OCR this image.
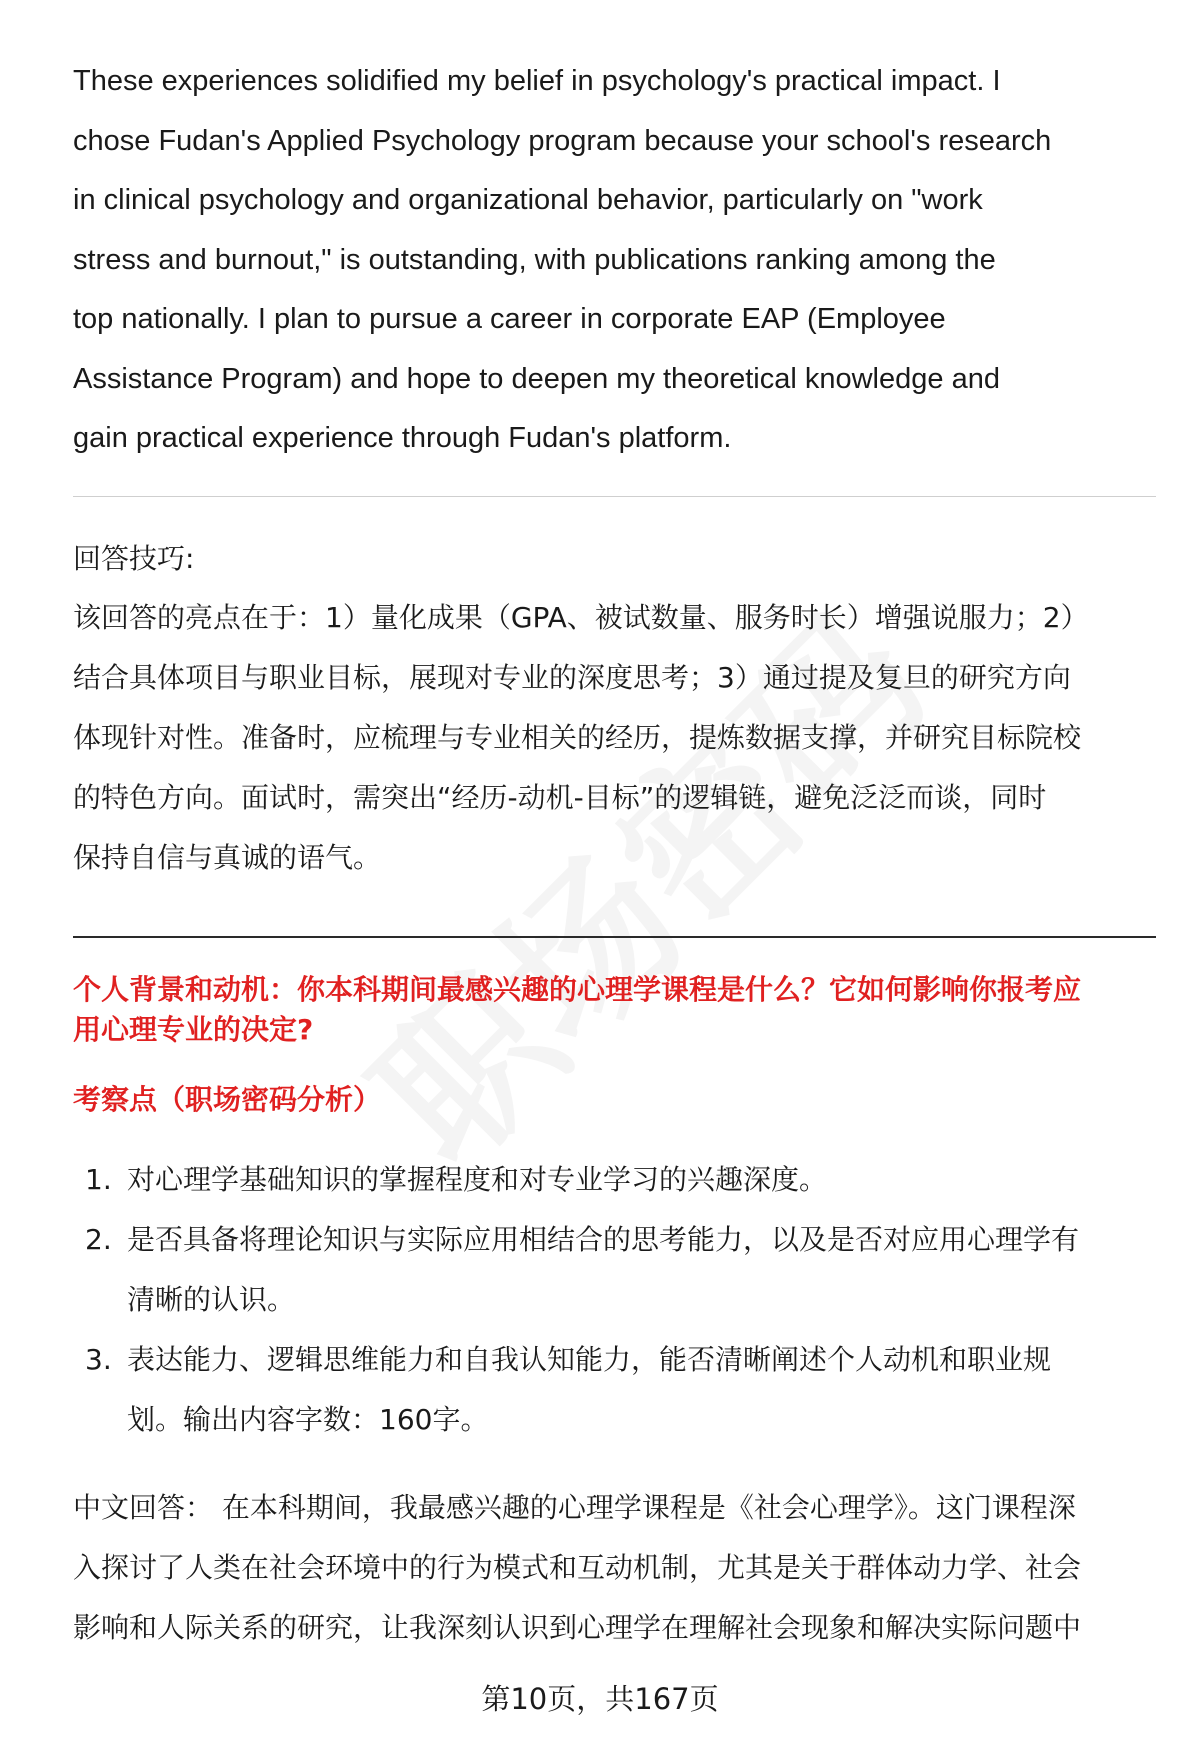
These experiences solidified my belief in psychology's practical impact. I
chose Fudan's Applied Psychology program because your school's research
in clinical psychology and organizational behavior, particularly on "work
stress and burnout," is outstanding, with publications ranking among the
top nationally. I plan to pursue a career in corporate EAP (Employee
Assistance Program) and hope to deepen my theoretical knowledge and
gain practical experience through Fudan's platform.
回答技巧:
该回答的亮点在于：1）量化成果（GPA、被试数量、服务时长）增强说服力；2）
结合具体项目与职业目标，展现对专业的深度思考；3）通过提及复旦的研究方向
体现针对性。准备时，应梳理与专业相关的经历，提炼数据支撑，并研究目标院校
的特色方向。面试时，需突出“经历-动机-目标”的逻辑链，避免泛泛而谈，同时
保持自信与真诚的语气。
个人背景和动机：你本科期间最感兴趣的心理学课程是什么？它如何影响你报考应
用心理专业的决定?
考察点（职场密码分析）
1. 对心理学基础知识的掌握程度和对专业学习的兴趣深度。
2. 是否具备将理论知识与实际应用相结合的思考能力，以及是否对应用心理学有
清晰的认识。
3. 表达能力、逻辑思维能力和自我认知能力，能否清晰阐述个人动机和职业规
划。输出内容字数：160字。
中文回答： 在本科期间，我最感兴趣的心理学课程是《社会心理学》。这门课程深
入探讨了人类在社会环境中的行为模式和互动机制，尤其是关于群体动力学、社会
影响和人际关系的研究，让我深刻认识到心理学在理解社会现象和解决实际问题中
第10页，共167页
